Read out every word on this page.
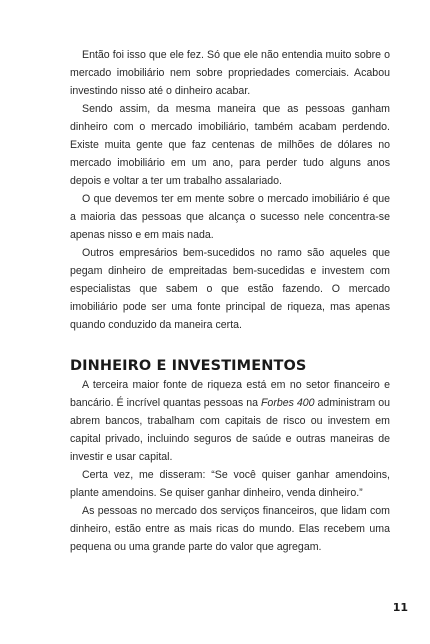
Então foi isso que ele fez. Só que ele não entendia muito sobre o mercado imobiliário nem sobre propriedades comerciais. Acabou investindo nisso até o dinheiro acabar.

Sendo assim, da mesma maneira que as pessoas ganham dinheiro com o mercado imobiliário, também acabam perdendo. Existe muita gente que faz centenas de milhões de dólares no mercado imobiliário em um ano, para perder tudo alguns anos depois e voltar a ter um trabalho assalariado.

O que devemos ter em mente sobre o mercado imobiliário é que a maioria das pessoas que alcança o sucesso nele concentra-se apenas nisso e em mais nada.

Outros empresários bem-sucedidos no ramo são aqueles que pegam dinheiro de empreitadas bem-sucedidas e investem com especialistas que sabem o que estão fazendo. O mercado imobiliário pode ser uma fonte principal de riqueza, mas apenas quando conduzido da maneira certa.

DINHEIRO E INVESTIMENTOS

A terceira maior fonte de riqueza está em no setor financeiro e bancário. É incrível quantas pessoas na Forbes 400 administram ou abrem bancos, trabalham com capitais de risco ou investem em capital privado, incluindo seguros de saúde e outras maneiras de investir e usar capital.

Certa vez, me disseram: “Se você quiser ganhar amendoins, plante amendoins. Se quiser ganhar dinheiro, venda dinheiro.”

As pessoas no mercado dos serviços financeiros, que lidam com dinheiro, estão entre as mais ricas do mundo. Elas recebem uma pequena ou uma grande parte do valor que agregam.

11
